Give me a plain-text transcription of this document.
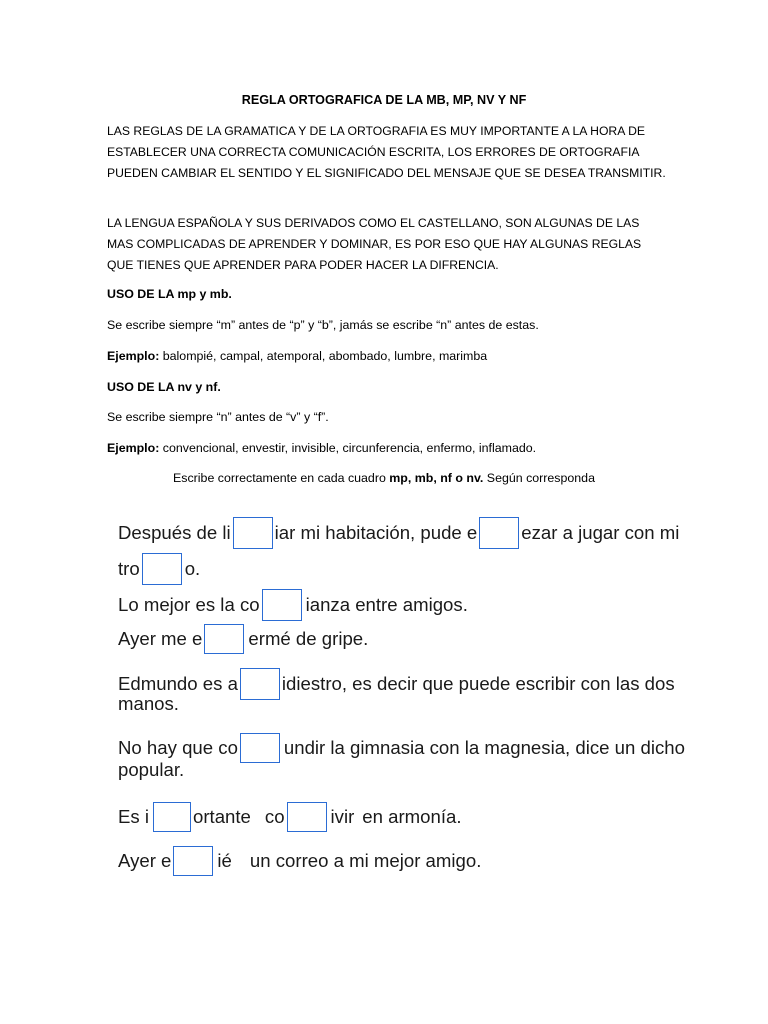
REGLA ORTOGRAFICA DE LA MB, MP, NV Y NF
LAS REGLAS DE LA GRAMATICA Y DE LA ORTOGRAFIA ES MUY IMPORTANTE A LA HORA DE ESTABLECER UNA CORRECTA COMUNICACIÓN ESCRITA, LOS ERRORES DE ORTOGRAFIA PUEDEN CAMBIAR EL SENTIDO Y EL SIGNIFICADO DEL MENSAJE QUE SE DESEA TRANSMITIR.
LA LENGUA ESPAÑOLA Y SUS DERIVADOS COMO EL CASTELLANO, SON ALGUNAS DE LAS MAS COMPLICADAS DE APRENDER Y DOMINAR, ES POR ESO QUE HAY ALGUNAS REGLAS QUE TIENES QUE APRENDER PARA PODER HACER LA DIFRENCIA.
USO DE LA mp y mb.
Se escribe siempre “m” antes de “p” y “b”, jamás se escribe “n” antes de estas.
Ejemplo: balompié, campal, atemporal, abombado, lumbre, marimba
USO DE LA nv y nf.
Se escribe siempre “n” antes de “v” y “f”.
Ejemplo: convencional, envestir, invisible, circunferencia, enfermo, inflamado.
Escribe correctamente en cada cuadro mp, mb, nf o nv. Según corresponda
Después de li iar mi habitación, pude e ezar a jugar con mi
tro o.
Lo mejor es la co ianza entre amigos.
Ayer me e ermé de gripe.
Edmundo es a idiestro, es decir que puede escribir con las dos
manos.
No hay que co undir la gimnasia con la magnesia, dice un dicho
popular.
Es i ortante co ivir en armonía.
Ayer e ié un correo a mi mejor amigo.
